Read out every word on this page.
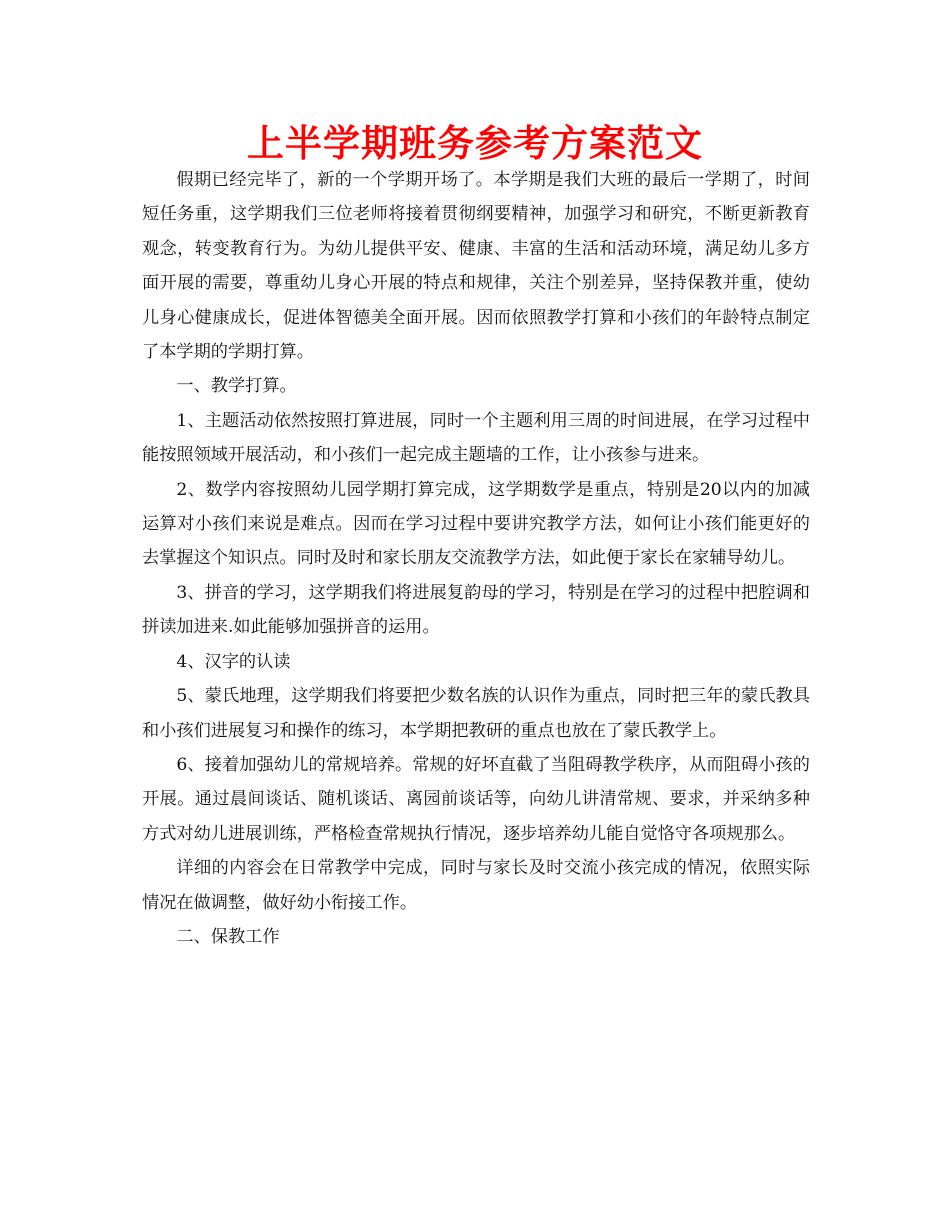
上半学期班务参考方案范文

假期已经完毕了，新的一个学期开场了。本学期是我们大班的最后一学期了，时间短任务重，这学期我们三位老师将接着贯彻纲要精神，加强学习和研究，不断更新教育观念，转变教育行为。为幼儿提供平安、健康、丰富的生活和活动环境，满足幼儿多方面开展的需要，尊重幼儿身心开展的特点和规律，关注个别差异，坚持保教并重，使幼儿身心健康成长，促进体智德美全面开展。因而依照教学打算和小孩们的年龄特点制定了本学期的学期打算。

一、教学打算。

1、主题活动依然按照打算进展，同时一个主题利用三周的时间进展，在学习过程中能按照领域开展活动，和小孩们一起完成主题墙的工作，让小孩参与进来。

2、数学内容按照幼儿园学期打算完成，这学期数学是重点，特别是20以内的加减运算对小孩们来说是难点。因而在学习过程中要讲究教学方法，如何让小孩们能更好的去掌握这个知识点。同时及时和家长朋友交流教学方法，如此便于家长在家辅导幼儿。

3、拼音的学习，这学期我们将进展复韵母的学习，特别是在学习的过程中把腔调和拼读加进来.如此能够加强拼音的运用。

4、汉字的认读

5、蒙氏地理，这学期我们将要把少数名族的认识作为重点，同时把三年的蒙氏教具和小孩们进展复习和操作的练习，本学期把教研的重点也放在了蒙氏教学上。

6、接着加强幼儿的常规培养。常规的好坏直截了当阻碍教学秩序，从而阻碍小孩的开展。通过晨间谈话、随机谈话、离园前谈话等，向幼儿讲清常规、要求，并采纳多种方式对幼儿进展训练，严格检查常规执行情况，逐步培养幼儿能自觉恪守各项规那么。

详细的内容会在日常教学中完成，同时与家长及时交流小孩完成的情况，依照实际情况在做调整，做好幼小衔接工作。

二、保教工作
